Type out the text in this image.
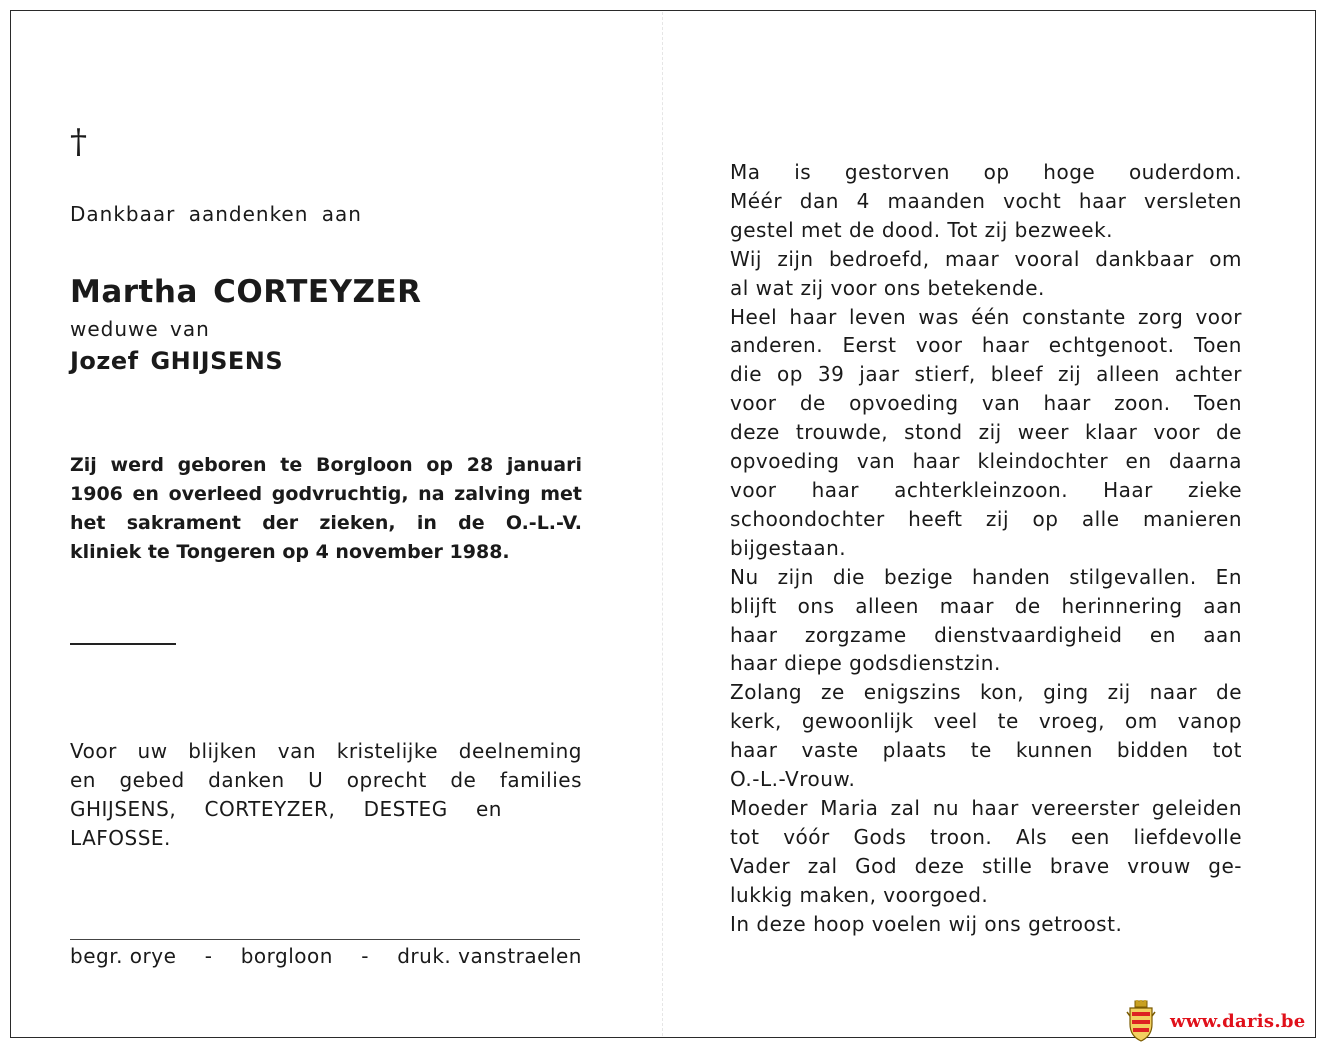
†
Dankbaar aandenken aan
Martha CORTEYZER
weduwe van
Jozef GHIJSENS
Zij werd geboren te Borgloon op 28 januari
1906 en overleed godvruchtig, na zalving met
het sakrament der zieken, in de O.-L.-V.
kliniek te Tongeren op 4 november 1988.
Voor uw blijken van kristelijke deelneming
en gebed danken U oprecht de families
GHIJSENS, CORTEYZER, DESTEG en
LAFOSSE.
begr. orye - borgloon - druk. vanstraelen
Ma is gestorven op hoge ouderdom.
Méér dan 4 maanden vocht haar versleten
gestel met de dood. Tot zij bezweek.
Wij zijn bedroefd, maar vooral dankbaar om
al wat zij voor ons betekende.
Heel haar leven was één constante zorg voor
anderen. Eerst voor haar echtgenoot. Toen
die op 39 jaar stierf, bleef zij alleen achter
voor de opvoeding van haar zoon. Toen
deze trouwde, stond zij weer klaar voor de
opvoeding van haar kleindochter en daarna
voor haar achterkleinzoon. Haar zieke
schoondochter heeft zij op alle manieren
bijgestaan.
Nu zijn die bezige handen stilgevallen. En
blijft ons alleen maar de herinnering aan
haar zorgzame dienstvaardigheid en aan
haar diepe godsdienstzin.
Zolang ze enigszins kon, ging zij naar de
kerk, gewoonlijk veel te vroeg, om vanop
haar vaste plaats te kunnen bidden tot
O.-L.-Vrouw.
Moeder Maria zal nu haar vereerster geleiden
tot vóór Gods troon. Als een liefdevolle
Vader zal God deze stille brave vrouw ge-
lukkig maken, voorgoed.
In deze hoop voelen wij ons getroost.
www.daris.be
